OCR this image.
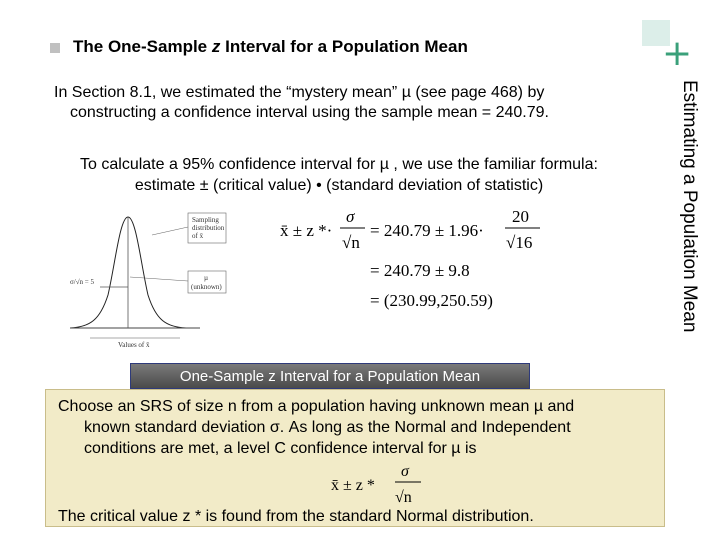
+
Estimating a Population Mean
The One-Sample z Interval for a Population Mean
In Section 8.1, we estimated the “mystery mean” µ (see page 468) by
constructing a confidence interval using the sample mean = 240.79.
To calculate a 95% confidence interval for µ , we use the familiar formula:
estimate ± (critical value) • (standard deviation of statistic)
Sampling
distribution
of x̄
σ/√n = 5	µ
(unknown)
Values of x̄
x̄ ± z *·
σ
√n
= 240.79 ± 1.96·
20
√16
= 240.79 ± 9.8
= (230.99,250.59)
One-Sample z Interval for a Population Mean
Choose an SRS of size n from a population having unknown mean µ and
known standard deviation σ. As long as the Normal and Independent
conditions are met, a level C confidence interval for µ is
x̄ ± z *
σ
√n
The critical value z * is found from the standard Normal distribution.
